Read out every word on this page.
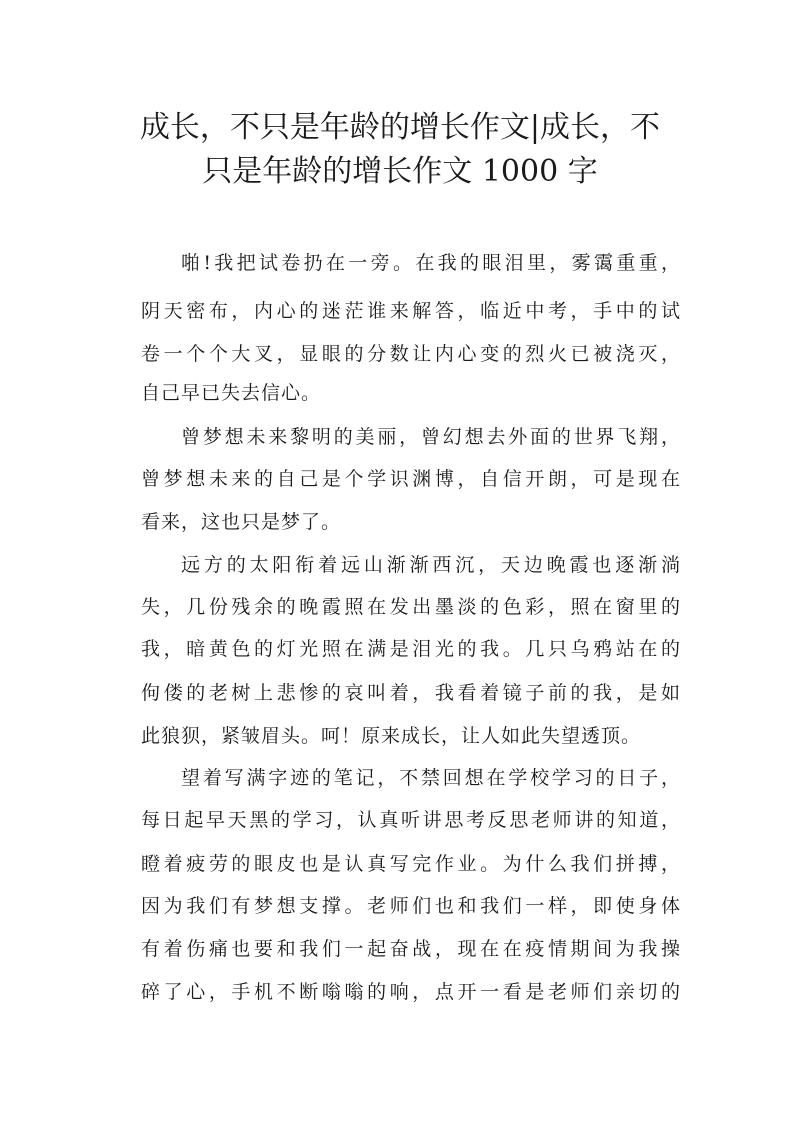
成长，不只是年龄的增长作文|成长，不
只是年龄的增长作文 1000 字
啪!我把试卷扔在一旁。在我的眼泪里，雾霭重重，
阴天密布，内心的迷茫谁来解答，临近中考，手中的试
卷一个个大叉，显眼的分数让内心变的烈火已被浇灭，
自己早已失去信心。
曾梦想未来黎明的美丽，曾幻想去外面的世界飞翔，
曾梦想未来的自己是个学识渊博，自信开朗，可是现在
看来，这也只是梦了。
远方的太阳衔着远山渐渐西沉，天边晚霞也逐渐淌
失，几份残余的晚霞照在发出墨淡的色彩，照在窗里的
我，暗黄色的灯光照在满是泪光的我。几只乌鸦站在的
佝偻的老树上悲惨的哀叫着，我看着镜子前的我，是如
此狼狈，紧皱眉头。呵！原来成长，让人如此失望透顶。
望着写满字迹的笔记，不禁回想在学校学习的日子，
每日起早天黑的学习，认真听讲思考反思老师讲的知道，
瞪着疲劳的眼皮也是认真写完作业。为什么我们拼搏，
因为我们有梦想支撑。老师们也和我们一样，即使身体
有着伤痛也要和我们一起奋战，现在在疫情期间为我操
碎了心，手机不断嗡嗡的响，点开一看是老师们亲切的
